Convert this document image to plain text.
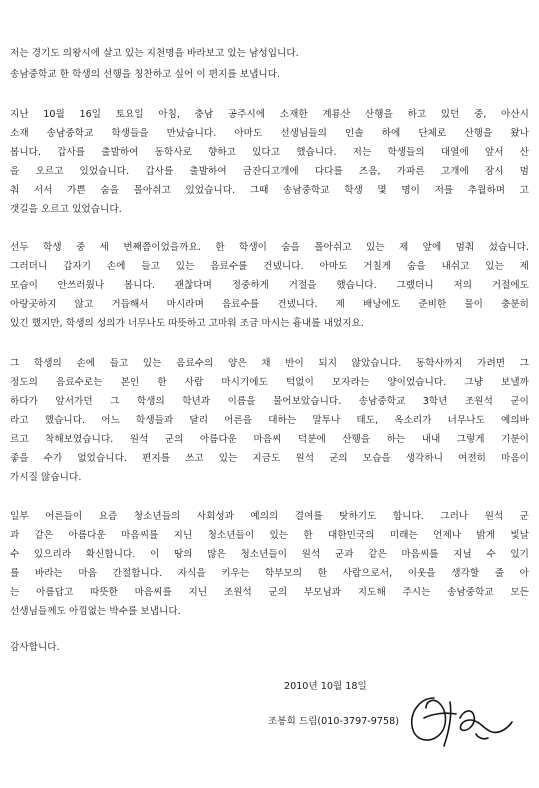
저는 경기도 의왕시에 살고 있는 지천명을 바라보고 있는 남성입니다.
송남중학교 한 학생의 선행을 칭찬하고 싶어 이 편지를 보냅니다.
지난 10월 16일 토요일 아침, 충남 공주시에 소재한 계룡산 산행을 하고 있던 중, 아산시
소재 송남중학교 학생들을 만났습니다. 아마도 선생님들의 인솔 하에 단체로 산행을 왔나
봅니다. 갑사를 출발하여 동학사로 향하고 있다고 했습니다. 저는 학생들의 대열에 앞서 산
을 오르고 있었습니다. 갑사를 출발하여 금잔디고개에 다다를 즈음, 가파른 고개에 잠시 멈
춰 서서 가쁜 숨을 몰아쉬고 있었습니다. 그때 송남중학교 학생 몇 명이 저를 추월하며 고
갯길을 오르고 있었습니다.
선두 학생 중 세 번째쯤이었을까요. 한 학생이 숨을 몰아쉬고 있는 제 앞에 멈춰 섰습니다.
그러더니 갑자기 손에 들고 있는 음료수를 건넸니다. 아마도 거칠게 숨을 내쉬고 있는 제
모습이 안쓰러웠나 봅니다. 괜찮다며 정중하게 거절을 했습니다. 그랬더니 저의 거절에도
아랑곳하지 않고 거듭해서 마시라며 음료수를 건넸니다. 제 배낭에도 준비한 물이 충분히
있긴 했지만, 학생의 성의가 너무나도 따뜻하고 고마워 조금 마시는 흉내를 내었지요.
그 학생의 손에 들고 있는 음료수의 양은 채 반이 되지 않았습니다. 동학사까지 가려면 그
정도의 음료수로는 본인 한 사람 마시기에도 턱없이 모자라는 양이었습니다. 그냥 보낼까
하다가 앞서가던 그 학생의 학년과 이름을 물어보았습니다. 송남중학교 3학년 조원석 군이
라고 했습니다. 어느 학생들과 달리 어른을 대하는 말투나 태도, 옥소리가 너무나도 예의바
르고 착해보였습니다. 원석 군의 아름다운 마음씨 덕분에 산행을 하는 내내 그렇게 기분이
좋을 수가 없었습니다. 편지를 쓰고 있는 지금도 원석 군의 모습을 생각하니 여전히 마음이
가시질 않습니다.
일부 어른들이 요즘 청소년들의 사회성과 예의의 결여를 탓하기도 합니다. 그러나 원석 군
과 같은 아름다운 마음씨를 지닌 청소년들이 있는 한 대한민국의 미래는 언제나 밝게 빛날
수 있으리라 확신합니다. 이 땅의 많은 청소년들이 원석 군과 같은 마음씨를 지닐 수 있기
를 바라는 마음 간절합니다. 자식을 키우는 학부모의 한 사람으로서, 이웃을 생각할 줄 아
는 아름답고 따뜻한 마음씨를 지닌 조원석 군의 부모님과 지도해 주시는 송남중학교 모든
선생님들께도 아낌없는 박수를 보냅니다.
감사합니다.
2010년 10월 18일
조봉희 드림(010-3797-9758)
